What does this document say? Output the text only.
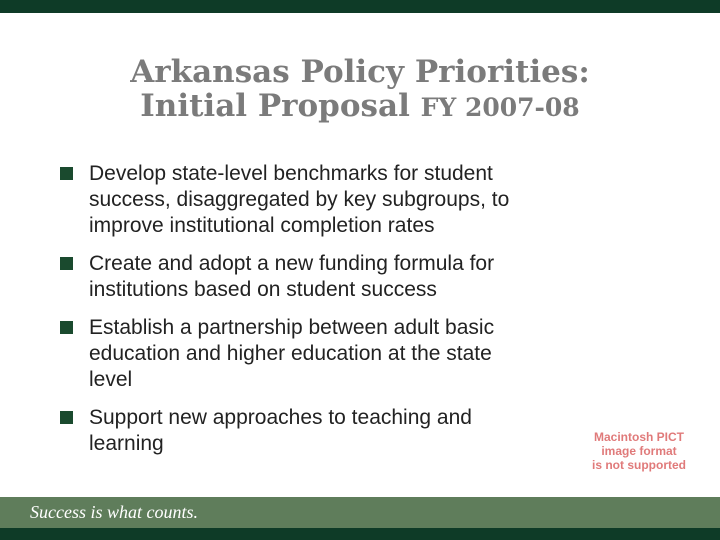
Arkansas Policy Priorities:
Initial Proposal FY 2007-08
Develop state-level benchmarks for student
success, disaggregated by key subgroups, to
improve institutional completion rates
Create and adopt a new funding formula for
institutions based on student success
Establish a partnership between adult basic
education and higher education at the state
level
Support new approaches to teaching and
learning	Macintosh PICT
image format
is not supported
Success is what counts.
